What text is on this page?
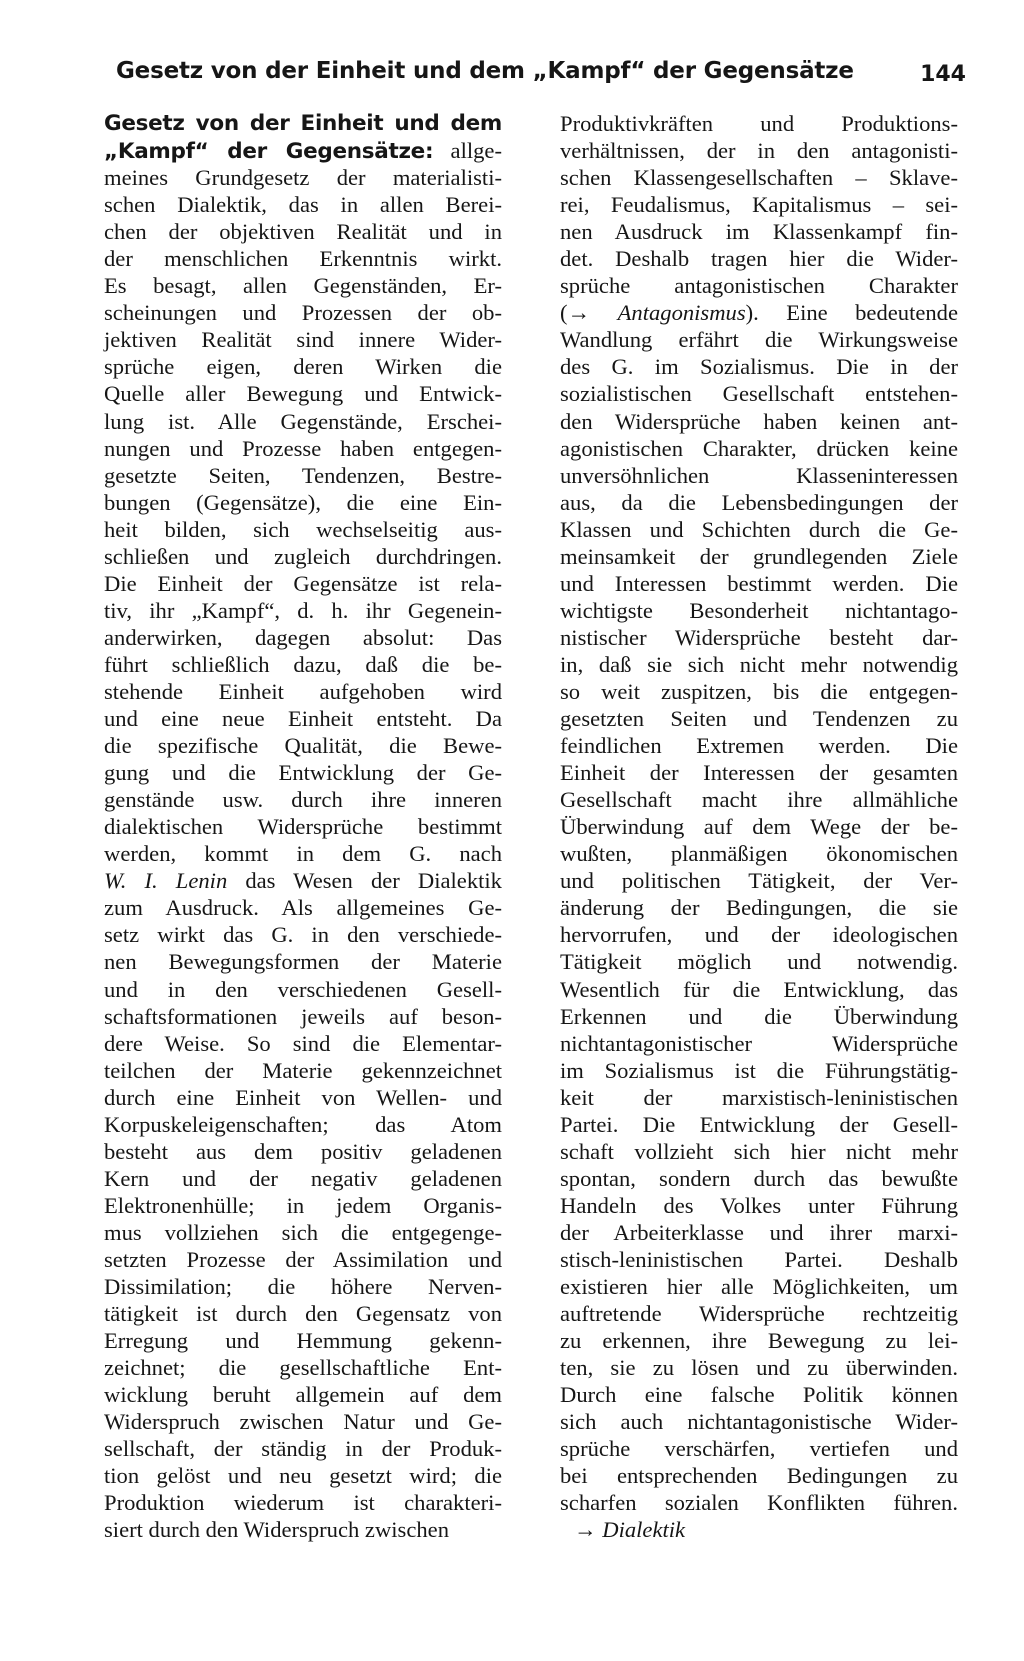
Gesetz von der Einheit und dem „Kampf“ der Gegensätze	144
Gesetz von der Einheit und dem
„Kampf“ der Gegensätze: allge-
meines Grundgesetz der materialisti-
schen Dialektik, das in allen Berei-
chen der objektiven Realität und in
der menschlichen Erkenntnis wirkt.
Es besagt, allen Gegenständen, Er-
scheinungen und Prozessen der ob-
jektiven Realität sind innere Wider-
sprüche eigen, deren Wirken die
Quelle aller Bewegung und Entwick-
lung ist. Alle Gegenstände, Erschei-
nungen und Prozesse haben entgegen-
gesetzte Seiten, Tendenzen, Bestre-
bungen (Gegensätze), die eine Ein-
heit bilden, sich wechselseitig aus-
schließen und zugleich durchdringen.
Die Einheit der Gegensätze ist rela-
tiv, ihr „Kampf“, d. h. ihr Gegenein-
anderwirken, dagegen absolut: Das
führt schließlich dazu, daß die be-
stehende Einheit aufgehoben wird
und eine neue Einheit entsteht. Da
die spezifische Qualität, die Bewe-
gung und die Entwicklung der Ge-
genstände usw. durch ihre inneren
dialektischen Widersprüche bestimmt
werden, kommt in dem G. nach
W. I. Lenin das Wesen der Dialektik
zum Ausdruck. Als allgemeines Ge-
setz wirkt das G. in den verschiede-
nen Bewegungsformen der Materie
und in den verschiedenen Gesell-
schaftsformationen jeweils auf beson-
dere Weise. So sind die Elementar-
teilchen der Materie gekennzeichnet
durch eine Einheit von Wellen- und
Korpuskeleigenschaften; das Atom
besteht aus dem positiv geladenen
Kern und der negativ geladenen
Elektronenhülle; in jedem Organis-
mus vollziehen sich die entgegenge-
setzten Prozesse der Assimilation und
Dissimilation; die höhere Nerven-
tätigkeit ist durch den Gegensatz von
Erregung und Hemmung gekenn-
zeichnet; die gesellschaftliche Ent-
wicklung beruht allgemein auf dem
Widerspruch zwischen Natur und Ge-
sellschaft, der ständig in der Produk-
tion gelöst und neu gesetzt wird; die
Produktion wiederum ist charakteri-
siert durch den Widerspruch zwischen
Produktivkräften und Produktions-
verhältnissen, der in den antagonisti-
schen Klassengesellschaften – Sklave-
rei, Feudalismus, Kapitalismus – sei-
nen Ausdruck im Klassenkampf fin-
det. Deshalb tragen hier die Wider-
sprüche antagonistischen Charakter
(→ Antagonismus). Eine bedeutende
Wandlung erfährt die Wirkungsweise
des G. im Sozialismus. Die in der
sozialistischen Gesellschaft entstehen-
den Widersprüche haben keinen ant-
agonistischen Charakter, drücken keine
unversöhnlichen Klasseninteressen
aus, da die Lebensbedingungen der
Klassen und Schichten durch die Ge-
meinsamkeit der grundlegenden Ziele
und Interessen bestimmt werden. Die
wichtigste Besonderheit nichtantago-
nistischer Widersprüche besteht dar-
in, daß sie sich nicht mehr notwendig
so weit zuspitzen, bis die entgegen-
gesetzten Seiten und Tendenzen zu
feindlichen Extremen werden. Die
Einheit der Interessen der gesamten
Gesellschaft macht ihre allmähliche
Überwindung auf dem Wege der be-
wußten, planmäßigen ökonomischen
und politischen Tätigkeit, der Ver-
änderung der Bedingungen, die sie
hervorrufen, und der ideologischen
Tätigkeit möglich und notwendig.
Wesentlich für die Entwicklung, das
Erkennen und die Überwindung
nichtantagonistischer Widersprüche
im Sozialismus ist die Führungstätig-
keit der marxistisch-leninistischen
Partei. Die Entwicklung der Gesell-
schaft vollzieht sich hier nicht mehr
spontan, sondern durch das bewußte
Handeln des Volkes unter Führung
der Arbeiterklasse und ihrer marxi-
stisch-leninistischen Partei. Deshalb
existieren hier alle Möglichkeiten, um
auftretende Widersprüche rechtzeitig
zu erkennen, ihre Bewegung zu lei-
ten, sie zu lösen und zu überwinden.
Durch eine falsche Politik können
sich auch nichtantagonistische Wider-
sprüche verschärfen, vertiefen und
bei entsprechenden Bedingungen zu
scharfen sozialen Konflikten führen.
→ Dialektik
